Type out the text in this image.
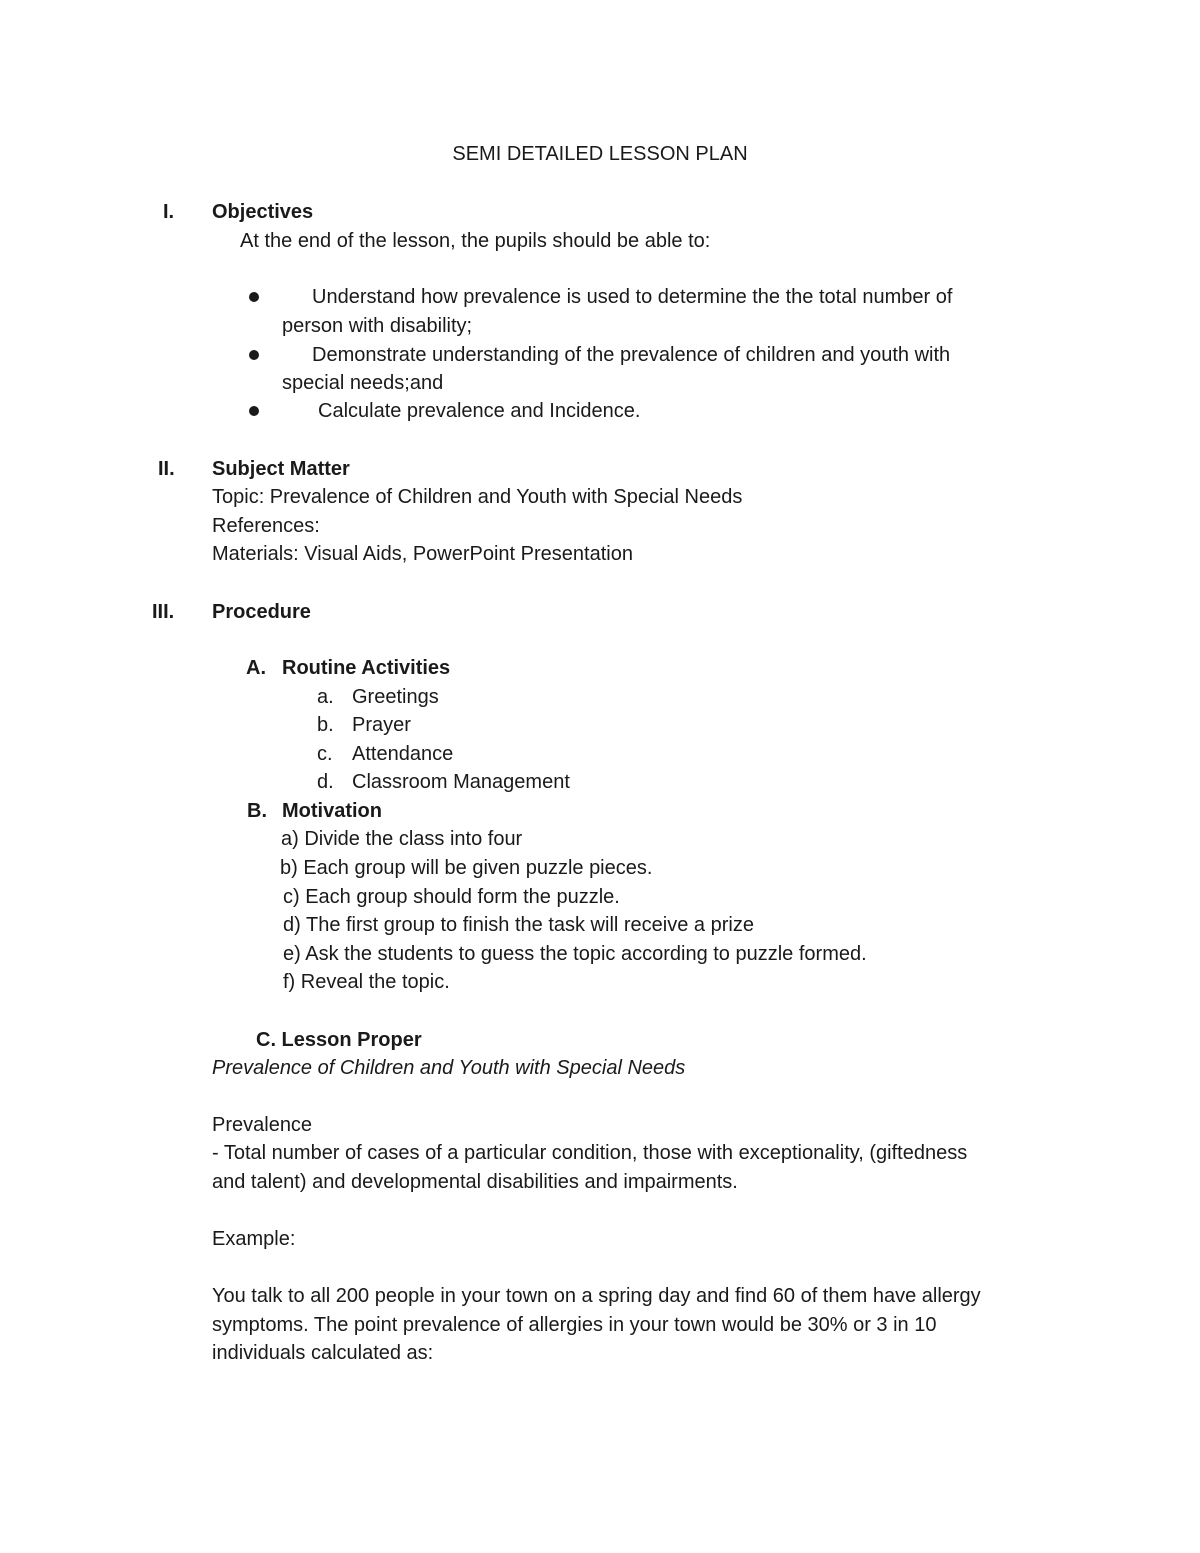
SEMI DETAILED LESSON PLAN
I. Objectives
At the end of the lesson, the pupils should be able to:
Understand how prevalence is used to determine the the total number of
person with disability;
Demonstrate understanding of the prevalence of children and youth with
special needs;and
Calculate prevalence and Incidence.
II. Subject Matter
Topic: Prevalence of Children and Youth with Special Needs
References:
Materials: Visual Aids, PowerPoint Presentation
III. Procedure
A. Routine Activities
a. Greetings
b. Prayer
c. Attendance
d. Classroom Management
B. Motivation
a) Divide the class into four
b) Each group will be given puzzle pieces.
c) Each group should form the puzzle.
d) The first group to finish the task will receive a prize
e) Ask the students to guess the topic according to puzzle formed.
f) Reveal the topic.
C. Lesson Proper
Prevalence of Children and Youth with Special Needs
Prevalence
- Total number of cases of a particular condition, those with exceptionality, (giftedness
and talent) and developmental disabilities and impairments.
Example:
You talk to all 200 people in your town on a spring day and find 60 of them have allergy
symptoms. The point prevalence of allergies in your town would be 30% or 3 in 10
individuals calculated as:
